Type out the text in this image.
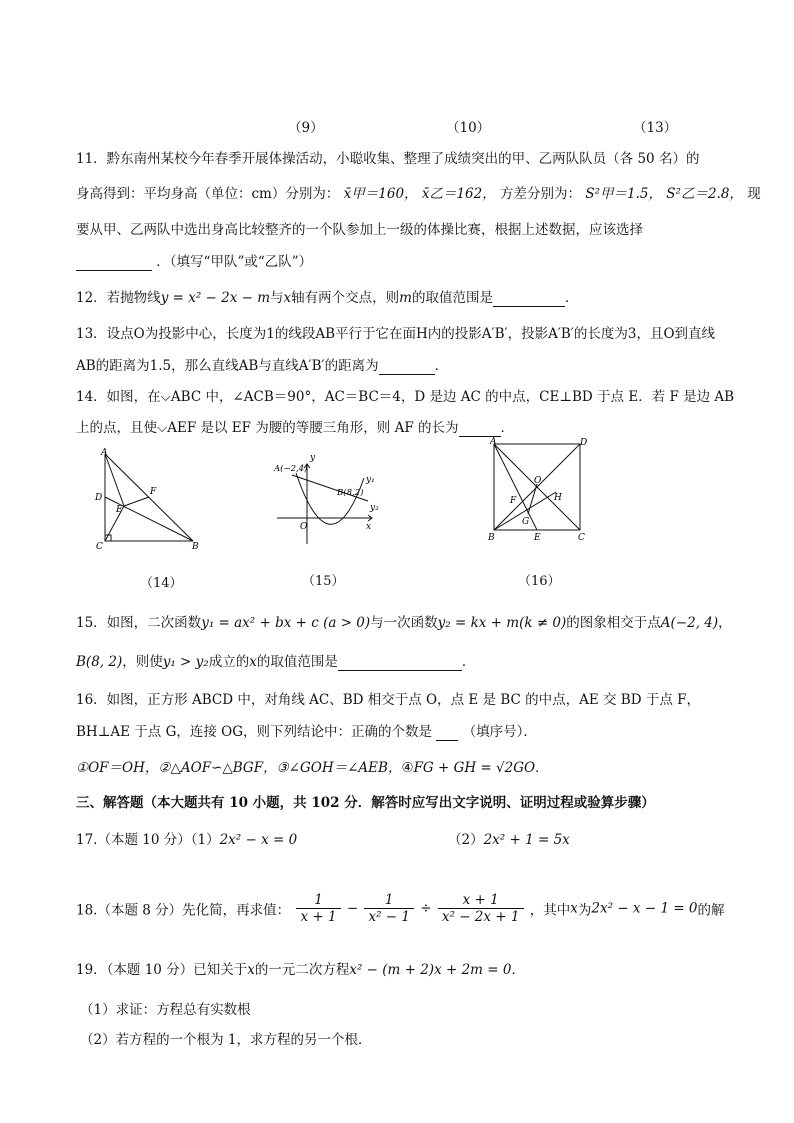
（9）	（10）	（13）
11．黔东南州某校今年春季开展体操活动，小聪收集、整理了成绩突出的甲、乙两队队员（各 50 名）的
身高得到：平均身高（单位：cm）分别为： x̄甲＝160， x̄乙＝162， 方差分别为： S²甲＝1.5， S²乙＝2.8， 现
要从甲、乙两队中选出身高比较整齐的一个队参加上一级的体操比赛，根据上述数据，应该选择
．（填写“甲队”或“乙队”）
12．若抛物线y = x² − 2x − m与x轴有两个交点，则m的取值范围是	．
13．设点O为投影中心，长度为1的线段AB平行于它在面H内的投影A′B′，投影A′B′的长度为3，且O到直线
AB的距离为1.5，那么直线AB与直线A′B′的距离为	．
14．如图，在⌵ABC 中，∠ACB＝90°，AC＝BC＝4，D 是边 AC 的中点，CE⊥BD 于点 E．若 F 是边 AB
上的点，且使⌵AEF 是以 EF 为腰的等腰三角形，则 AF 的长为	．
A
D
E
F
C	B
（14）
A(−2,4)
B(8,2)
y
y₁
y₂
O	x
（15）
A	D
O
H
F
G
B	E	C
（16）
15．如图，二次函数y₁ = ax² + bx + c (a > 0)与一次函数y₂ = kx + m(k ≠ 0)的图象相交于点A(−2, 4)，
B(8, 2)，则使y₁ > y₂成立的x的取值范围是	．
16．如图，正方形 ABCD 中，对角线 AC、BD 相交于点 O，点 E 是 BC 的中点，AE 交 BD 于点 F，
BH⊥AE 于点 G，连接 OG，则下列结论中：正确的个数是 （填序号）．
①OF＝OH，②△AOF∽△BGF，③∠GOH＝∠AEB，④FG + GH = √2GO．
三、解答题（本大题共有 10 小题，共 102 分．解答时应写出文字说明、证明过程或验算步骤）
17.（本题 10 分）（1）2x² − x = 0	（2）2x² + 1 = 5x
18.（本题 8 分）先化简，再求值： $\frac{1}{x + 1} - \frac{1}{\text{x² − 1}} \div \frac{x + 1}{\text{x² − 2x + 1}}$ ，其中x为2x² − x − 1 = 0的解
19．（本题 10 分）已知关于x的一元二次方程x² − (m + 2)x + 2m = 0．
（1）求证：方程总有实数根
（2）若方程的一个根为 1，求方程的另一个根．
